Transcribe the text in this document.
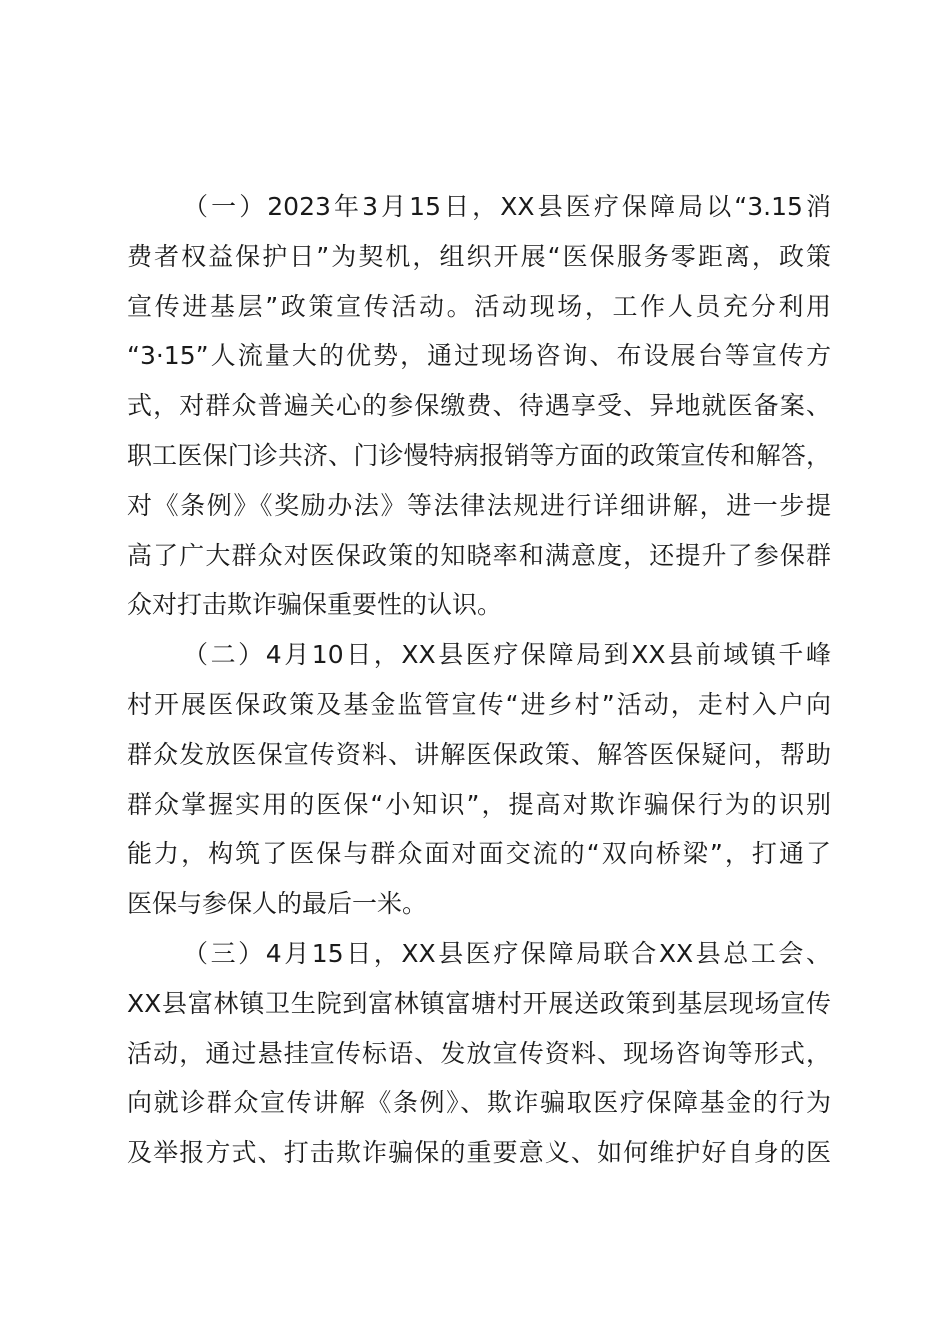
（一）2023年3月15日，XX县医疗保障局以“3.15消
费者权益保护日”为契机，组织开展“医保服务零距离，政策
宣传进基层”政策宣传活动。活动现场，工作人员充分利用
“3·15”人流量大的优势，通过现场咨询、布设展台等宣传方
式，对群众普遍关心的参保缴费、待遇享受、异地就医备案、
职工医保门诊共济、门诊慢特病报销等方面的政策宣传和解答，
对《条例》《奖励办法》等法律法规进行详细讲解，进一步提
高了广大群众对医保政策的知晓率和满意度，还提升了参保群
众对打击欺诈骗保重要性的认识。
（二）4月10日，XX县医疗保障局到XX县前域镇千峰
村开展医保政策及基金监管宣传“进乡村”活动，走村入户向
群众发放医保宣传资料、讲解医保政策、解答医保疑问，帮助
群众掌握实用的医保“小知识”，提高对欺诈骗保行为的识别
能力，构筑了医保与群众面对面交流的“双向桥梁”，打通了
医保与参保人的最后一米。
（三）4月15日，XX县医疗保障局联合XX县总工会、
XX县富林镇卫生院到富林镇富塘村开展送政策到基层现场宣传
活动，通过悬挂宣传标语、发放宣传资料、现场咨询等形式，
向就诊群众宣传讲解《条例》、欺诈骗取医疗保障基金的行为
及举报方式、打击欺诈骗保的重要意义、如何维护好自身的医
